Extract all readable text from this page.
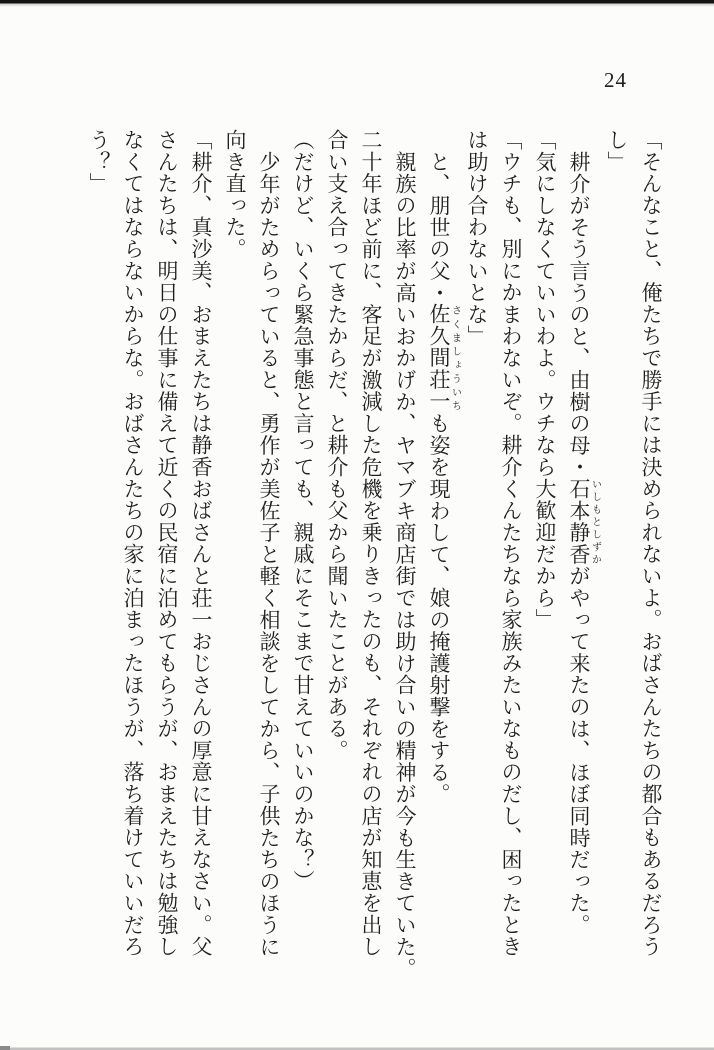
24
「そんなこと、俺たちで勝手には決められないよ。おばさんたちの都合もあるだろう
し」
耕介がそう言うのと、由樹の母・石本静香いしもとしずかがやって来たのは、ほぼ同時だった。
「気にしなくていいわよ。ウチなら大歓迎だから」
「ウチも、別にかまわないぞ。耕介くんたちなら家族みたいなものだし、困ったとき
は助け合わないとな」
と、朋世の父・佐久間荘一さくましょういちも姿を現わして、娘の掩護射撃をする。
親族の比率が高いおかげか、ヤマブキ商店街では助け合いの精神が今も生きていた。
二十年ほど前に、客足が激減した危機を乗りきったのも、それぞれの店が知恵を出し
合い支え合ってきたからだ、と耕介も父から聞いたことがある。
（だけど、いくら緊急事態と言っても、親戚にそこまで甘えていいのかな？）
少年がためらっていると、勇作が美佐子と軽く相談をしてから、子供たちのほうに
向き直った。
「耕介、真沙美、おまえたちは静香おばさんと荘一おじさんの厚意に甘えなさい。父
さんたちは、明日の仕事に備えて近くの民宿に泊めてもらうが、おまえたちは勉強し
なくてはならないからな。おばさんたちの家に泊まったほうが、落ち着けていいだろ
う？」
